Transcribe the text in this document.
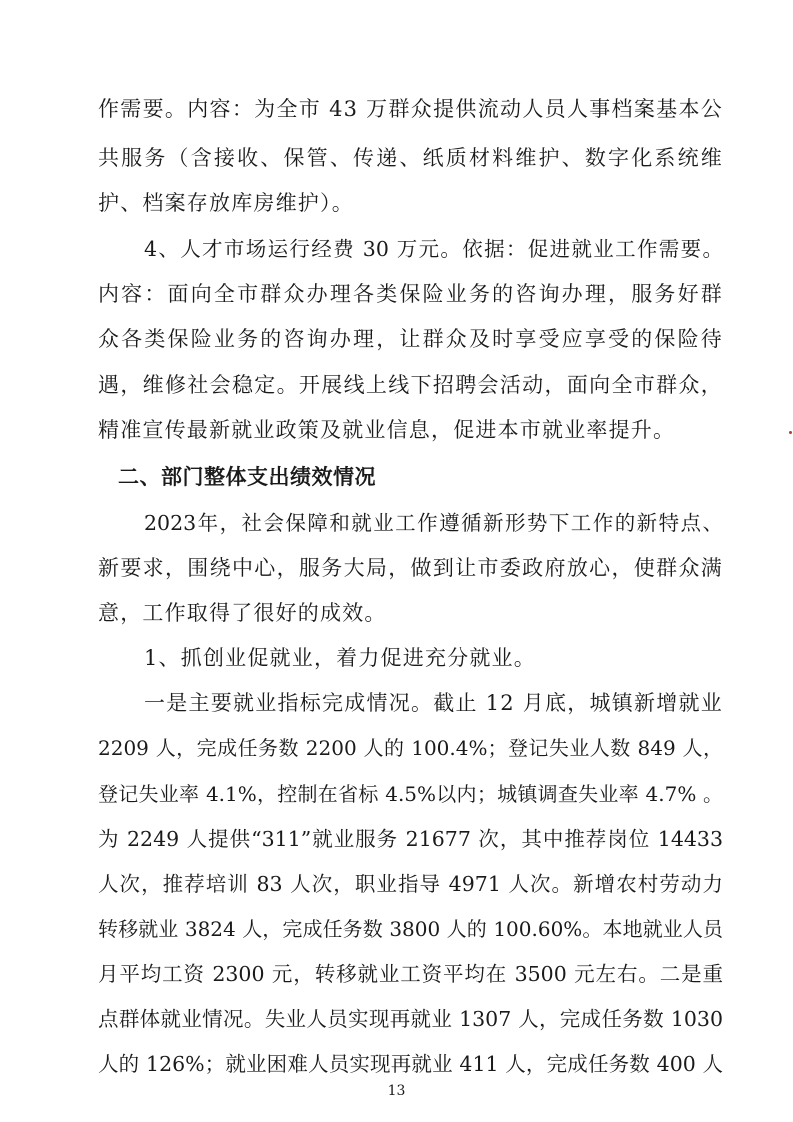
作需要。内容：为全市 43 万群众提供流动人员人事档案基本公
共服务（含接收、保管、传递、纸质材料维护、数字化系统维
护、档案存放库房维护）。
4、人才市场运行经费 30 万元。依据：促进就业工作需要。
内容：面向全市群众办理各类保险业务的咨询办理，服务好群
众各类保险业务的咨询办理，让群众及时享受应享受的保险待
遇，维修社会稳定。开展线上线下招聘会活动，面向全市群众，
精准宣传最新就业政策及就业信息，促进本市就业率提升。
二、部门整体支出绩效情况
2023年，社会保障和就业工作遵循新形势下工作的新特点、
新要求，围绕中心，服务大局，做到让市委政府放心，使群众满
意，工作取得了很好的成效。
1、抓创业促就业，着力促进充分就业。
一是主要就业指标完成情况。截止 12 月底，城镇新增就业
2209 人，完成任务数 2200 人的 100.4%；登记失业人数 849 人，
登记失业率 4.1%，控制在省标 4.5%以内；城镇调查失业率 4.7% 。
为 2249 人提供“311”就业服务 21677 次，其中推荐岗位 14433
人次，推荐培训 83 人次，职业指导 4971 人次。新增农村劳动力
转移就业 3824 人，完成任务数 3800 人的 100.60%。本地就业人员
月平均工资 2300 元，转移就业工资平均在 3500 元左右。二是重
点群体就业情况。失业人员实现再就业 1307 人，完成任务数 1030
人的 126%；就业困难人员实现再就业 411 人，完成任务数 400 人
13
